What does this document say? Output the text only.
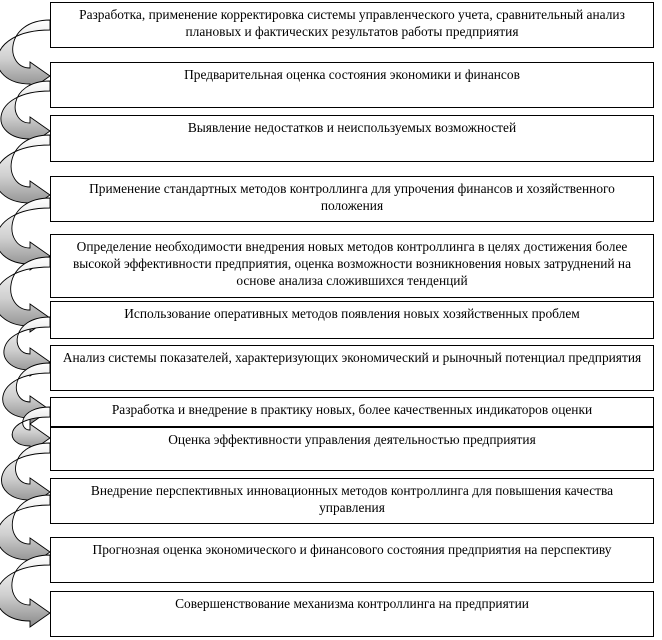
Разработка, применение корректировка системы управленческого учета, сравнительный анализ плановых и фактических результатов работы предприятия
Предварительная оценка состояния экономики и финансов
Выявление недостатков и неиспользуемых возможностей
Применение стандартных методов контроллинга для упрочения финансов и хозяйственного положения
Определение необходимости внедрения новых методов контроллинга в целях достижения более высокой эффективности предприятия, оценка возможности возникновения новых затруднений на основе анализа сложившихся тенденций
Использование оперативных методов появления новых хозяйственных проблем
Анализ системы показателей, характеризующих экономический и рыночный потенциал предприятия
Разработка и внедрение в практику новых, более качественных индикаторов оценки
Оценка эффективности управления деятельностью предприятия
Внедрение перспективных инновационных методов контроллинга для повышения качества управления
Прогнозная оценка экономического и финансового состояния предприятия на перспективу
Совершенствование механизма контроллинга на предприятии
